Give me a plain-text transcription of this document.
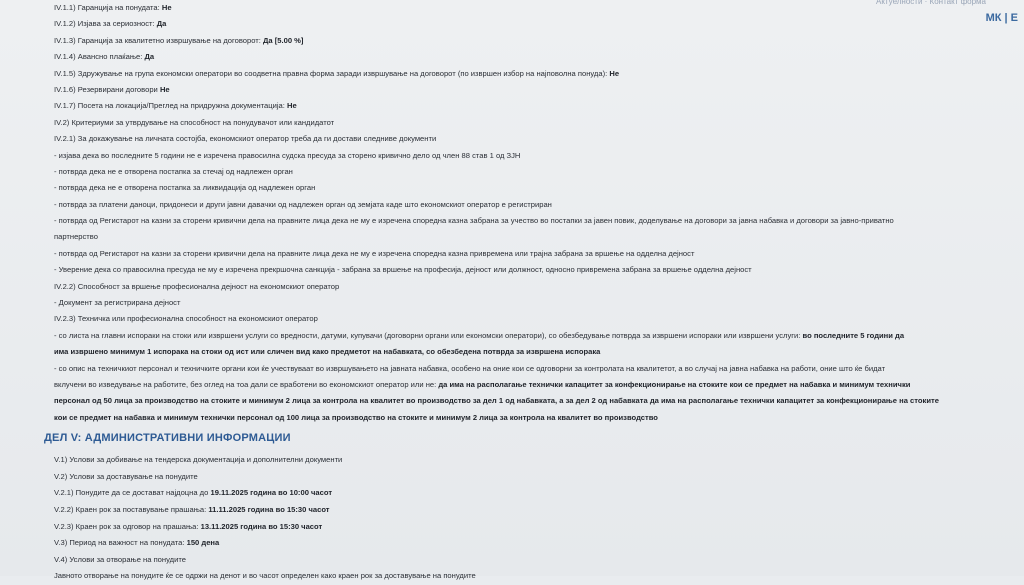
Актуелности · Контакт форма
МК | Е
IV.1.1) Гаранција на понудата: Не
IV.1.2) Изјава за сериозност: Да
IV.1.3) Гаранција за квалитетно извршување на договорот: Да [5.00 %]
IV.1.4) Авансно плаќање: Да
IV.1.5) Здружување на група економски оператори во соодветна правна форма заради извршување на договорот (по извршен избор на најповолна понуда): Не
IV.1.6) Резервирани договори Не
IV.1.7) Посета на локација/Преглед на придружна документација: Не
IV.2) Критериуми за утврдување на способност на понудувачот или кандидатот
IV.2.1) За докажување на личната состојба, економскиот оператор треба да ги достави следниве документи
- изјава дека во последните 5 години не е изречена правосилна судска пресуда за сторено кривично дело од член 88 став 1 од ЗЈН
- потврда дека не е отворена постапка за стечај од надлежен орган
- потврда дека не е отворена постапка за ликвидација од надлежен орган
- потврда за платени даноци, придонеси и други јавни давачки од надлежен орган од земјата каде што економскиот оператор е регистриран
- потврда од Регистарот на казни за сторени кривични дела на правните лица дека не му е изречена споредна казна забрана за учество во постапки за јавен повик, доделување на договори за јавна набавка и договори за јавно-приватно
партнерство
- потврда од Регистарот на казни за сторени кривични дела на правните лица дека не му е изречена споредна казна привремена или трајна забрана за вршење на одделна дејност
- Уверение дека со правосилна пресуда не му е изречена прекршочна санкција - забрана за вршење на професија, дејност или должност, односно привремена забрана за вршење одделна дејност
IV.2.2) Способност за вршење професионална дејност на економскиот оператор
- Документ за регистрирана дејност
IV.2.3) Техничка или професионална способност на економскиот оператор
- со листа на главни испораки на стоки или извршени услуги со вредности, датуми, купувачи (договорни органи или економски оператори), со обезбедување потврда за извршени испораки или извршени услуги: во последните 5 години да
има извршено минимум 1 испорака на стоки од ист или сличен вид како предметот на набавката, со обезбедена потврда за извршена испорака
- со опис на техничкиот персонал и техничките органи кои ќе учествуваат во извршувањето на јавната набавка, особено на оние кои се одговорни за контролата на квалитетот, а во случај на јавна набавка на работи, оние што ќе бидат
вклучени во изведување на работите, без оглед на тоа дали се вработени во економскиот оператор или не: да има на располагање технички капацитет за конфекционирање на стоките кои се предмет на набавка и минимум технички
персонал од 50 лица за производство на стоките и минимум 2 лица за контрола на квалитет во производство за дел 1 од набавката, а за дел 2 од набавката да има на располагање технички капацитет за конфекционирање на стоките
кои се предмет на набавка и минимум технички персонал од 100 лица за производство на стоките и минимум 2 лица за контрола на квалитет во производство
ДЕЛ V: АДМИНИСТРАТИВНИ ИНФОРМАЦИИ
V.1) Услови за добивање на тендерска документација и дополнителни документи
V.2) Услови за доставување на понудите
V.2.1) Понудите да се достават најдоцна до 19.11.2025 година во 10:00 часот
V.2.2) Краен рок за поставување прашања: 11.11.2025 година во 15:30 часот
V.2.3) Краен рок за одговор на прашања: 13.11.2025 година во 15:30 часот
V.3) Период на важност на понудата: 150 дена
V.4) Услови за отворање на понудите
Јавното отворање на понудите ќе се одржи на денот и во часот определен како краен рок за доставување на понудите
